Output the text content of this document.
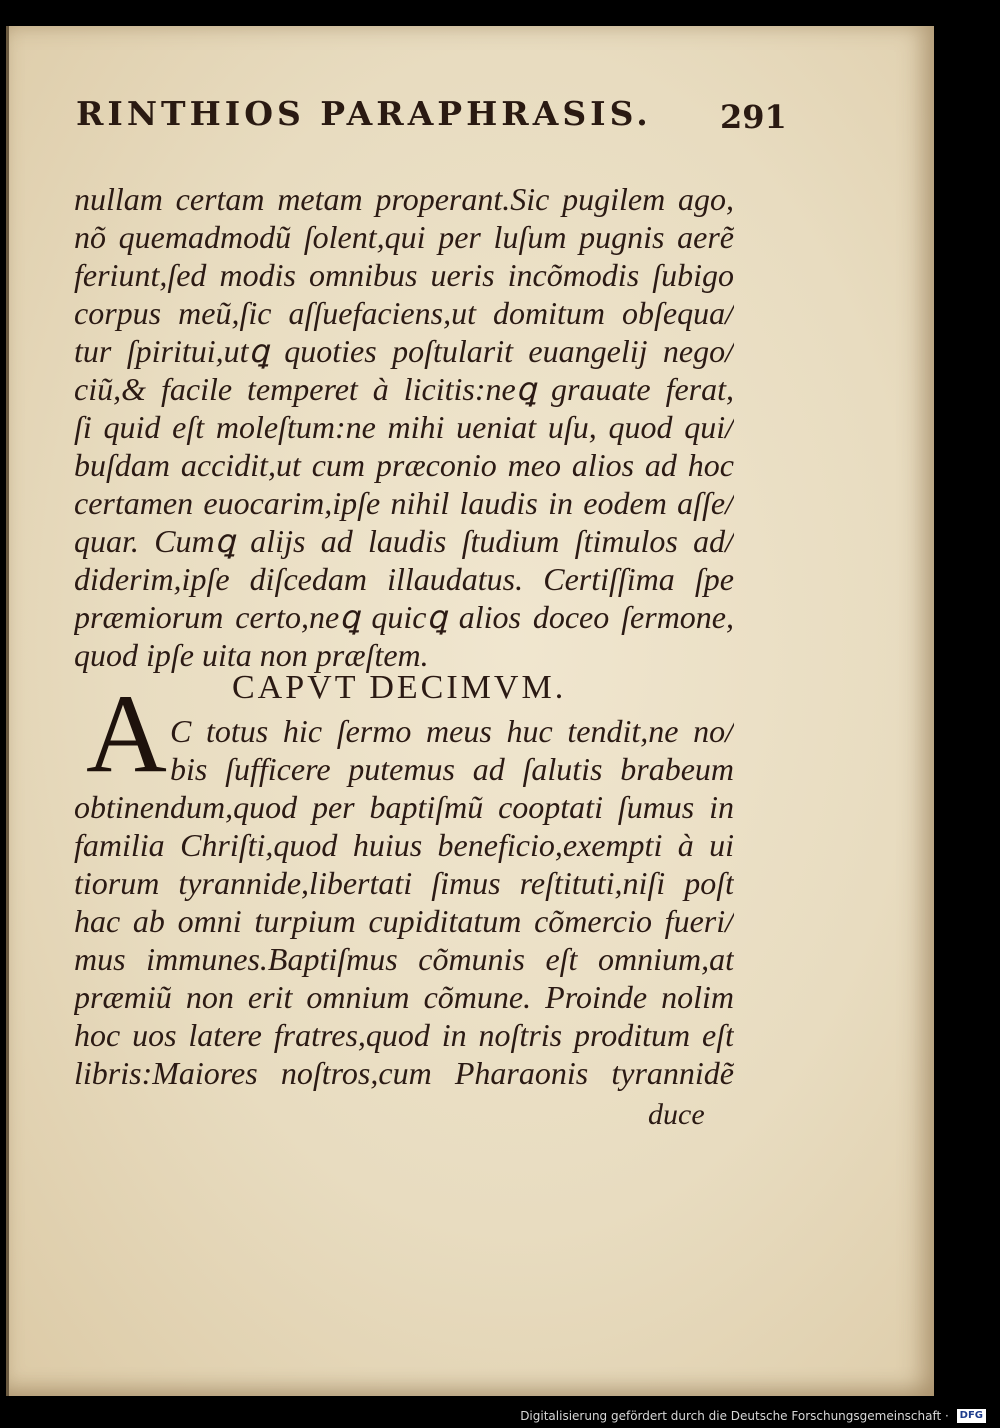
RINTHIOS PARAPHRASIS. 291
nullam certam metam properant.Sic pugilem ago,
nõ quemadmodũ ſolent,qui per luſum pugnis aerẽ
feriunt,ſed modis omnibus ueris incõmodis ſubigo
corpus meũ,ſic aſſuefaciens,ut domitum obſequa/
tur ſpiritui,utꝗ quoties poſtularit euangelij nego/
ciũ,& facile temperet à licitis:neꝗ grauate ferat,
ſi quid eſt moleſtum:ne mihi ueniat uſu, quod qui/
buſdam accidit,ut cum præconio meo alios ad hoc
certamen euocarim,ipſe nihil laudis in eodem aſſe/
quar. Cumꝗ alijs ad laudis ſtudium ſtimulos ad/
diderim,ipſe diſcedam illaudatus. Certiſſima ſpe
præmiorum certo,neꝗ quicꝗ alios doceo ſermone,
quod ipſe uita non præſtem.
CAPVT DECIMVM.
A C totus hic ſermo meus huc tendit,ne no/
bis ſufficere putemus ad ſalutis brabeum
obtinendum,quod per baptiſmũ cooptati ſumus in
familia Chriſti,quod huius beneficio,exempti à ui
tiorum tyrannide,libertati ſimus reſtituti,niſi poſt
hac ab omni turpium cupiditatum cõmercio fueri/
mus immunes.Baptiſmus cõmunis eſt omnium,at
præmiũ non erit omnium cõmune. Proinde nolim
hoc uos latere fratres,quod in noſtris proditum eſt
libris:Maiores noſtros,cum Pharaonis tyrannidẽ
duce
Digitalisierung gefördert durch die Deutsche Forschungsgemeinschaft · DFG
